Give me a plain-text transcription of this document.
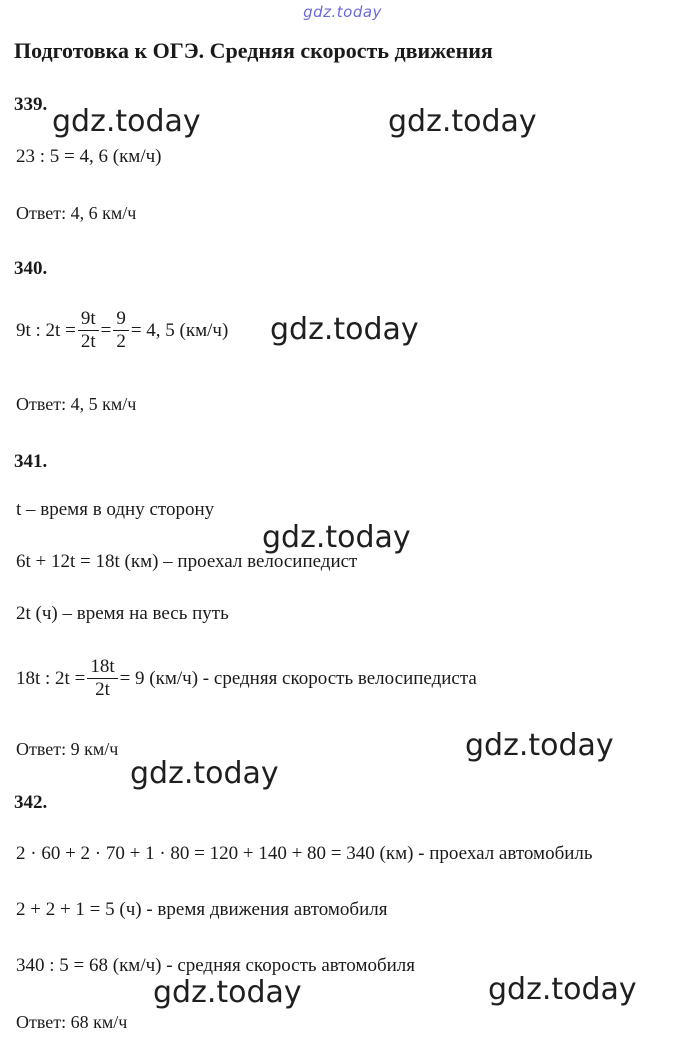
gdz.today
Подготовка к ОГЭ. Средняя скорость движения
339.
23 : 5 = 4, 6 (км/ч)
Ответ: 4, 6 км/ч
340.
9t : $2t = \frac{9t}{2t} = \frac{9}{2} = 4$, 5 (км/ч)
Ответ: 4, 5 км/ч
341.
t – время в одну сторону
6t + 12t = 18t (км) – проехал велосипедист
2t (ч) – время на весь путь
18t : $2t = \frac{18t}{2t} = 9$ (км/ч) - средняя скорость велосипедиста
Ответ: 9 км/ч
342.
2 · 60 + 2 · 70 + 1 · 80 = 120 + 140 + 80 = 340 (км) - проехал автомобиль
2 + 2 + 1 = 5 (ч) - время движения автомобиля
340 : 5 = 68 (км/ч) - средняя скорость автомобиля
Ответ: 68 км/ч
gdz.today	gdz.today
gdz.today
gdz.today
gdz.today
gdz.today
gdz.today	gdz.today
